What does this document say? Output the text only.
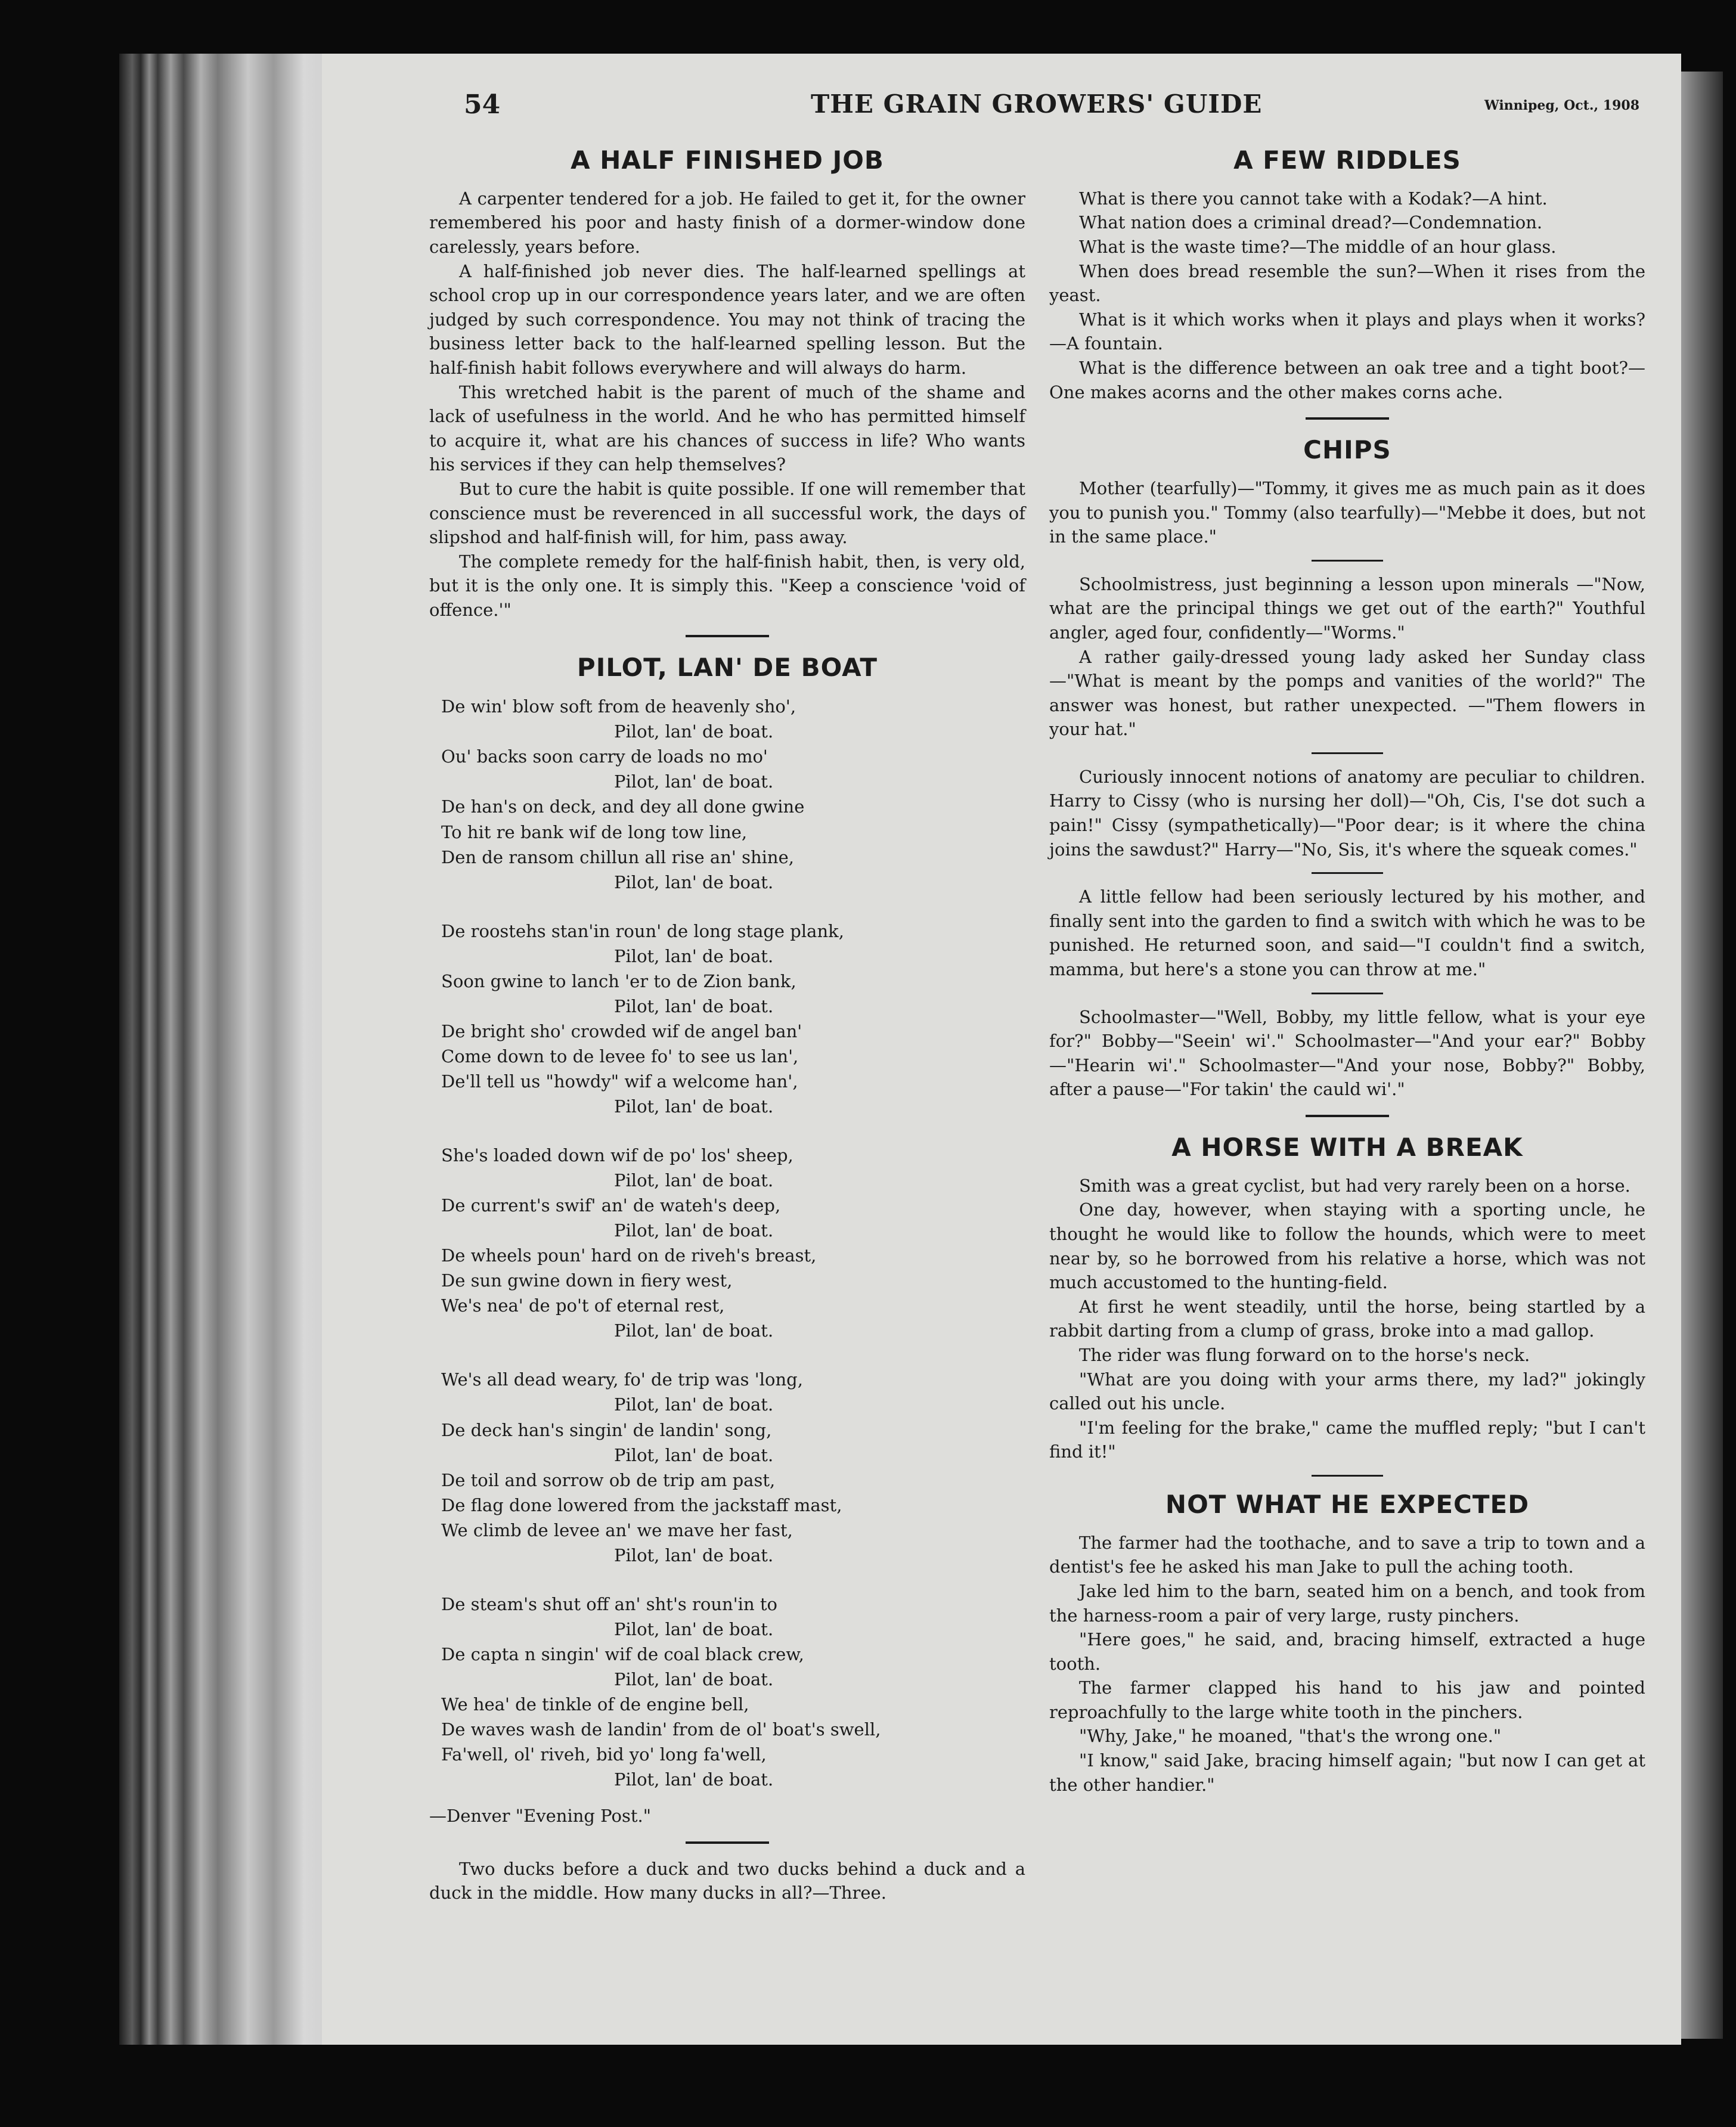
54	THE GRAIN GROWERS' GUIDE	Winnipeg, Oct., 1908
A HALF FINISHED JOB

A carpenter tendered for a job. He failed to get it, for the owner remembered his poor and hasty finish of a dormer-window done carelessly, years before.

A half-finished job never dies. The half-learned spellings at school crop up in our correspondence years later, and we are often judged by such correspondence. You may not think of tracing the business letter back to the half-learned spelling lesson. But the half-finish habit follows everywhere and will always do harm.

This wretched habit is the parent of much of the shame and lack of usefulness in the world. And he who has permitted himself to acquire it, what are his chances of success in life? Who wants his services if they can help themselves?

But to cure the habit is quite possible. If one will remember that conscience must be reverenced in all successful work, the days of slipshod and half-finish will, for him, pass away.

The complete remedy for the half-finish habit, then, is very old, but it is the only one. It is simply this. "Keep a conscience 'void of offence.'"

PILOT, LAN' DE BOAT
De win' blow soft from de heavenly sho',
Pilot, lan' de boat.
Ou' backs soon carry de loads no mo'
Pilot, lan' de boat.
De han's on deck, and dey all done gwine
To hit re bank wif de long tow line,
Den de ransom chillun all rise an' shine,
Pilot, lan' de boat.
De roostehs stan'in roun' de long stage plank,
Pilot, lan' de boat.
Soon gwine to lanch 'er to de Zion bank,
Pilot, lan' de boat.
De bright sho' crowded wif de angel ban'
Come down to de levee fo' to see us lan',
De'll tell us "howdy" wif a welcome han',
Pilot, lan' de boat.
She's loaded down wif de po' los' sheep,
Pilot, lan' de boat.
De current's swif' an' de wateh's deep,
Pilot, lan' de boat.
De wheels poun' hard on de riveh's breast,
De sun gwine down in fiery west,
We's nea' de po't of eternal rest,
Pilot, lan' de boat.
We's all dead weary, fo' de trip was 'long,
Pilot, lan' de boat.
De deck han's singin' de landin' song,
Pilot, lan' de boat.
De toil and sorrow ob de trip am past,
De flag done lowered from the jackstaff mast,
We climb de levee an' we mave her fast,
Pilot, lan' de boat.
De steam's shut off an' sht's roun'in to
Pilot, lan' de boat.
De capta n singin' wif de coal black crew,
Pilot, lan' de boat.
We hea' de tinkle of de engine bell,
De waves wash de landin' from de ol' boat's swell,
Fa'well, ol' riveh, bid yo' long fa'well,
Pilot, lan' de boat.

—Denver "Evening Post."

Two ducks before a duck and two ducks behind a duck and a duck in the middle. How many ducks in all?—Three.

A FEW RIDDLES

What is there you cannot take with a Kodak?—A hint.

What nation does a criminal dread?—Condemnation.

What is the waste time?—The middle of an hour glass.

When does bread resemble the sun?—When it rises from the yeast.

What is it which works when it plays and plays when it works?—A fountain.

What is the difference between an oak tree and a tight boot?—One makes acorns and the other makes corns ache.

CHIPS

Mother (tearfully)—"Tommy, it gives me as much pain as it does you to punish you." Tommy (also tearfully)—"Mebbe it does, but not in the same place."

Schoolmistress, just beginning a lesson upon minerals —"Now, what are the principal things we get out of the earth?" Youthful angler, aged four, confidently—"Worms."

A rather gaily-dressed young lady asked her Sunday class—"What is meant by the pomps and vanities of the world?" The answer was honest, but rather unexpected. —"Them flowers in your hat."

Curiously innocent notions of anatomy are peculiar to children. Harry to Cissy (who is nursing her doll)—"Oh, Cis, I'se dot such a pain!" Cissy (sympathetically)—"Poor dear; is it where the china joins the sawdust?" Harry—"No, Sis, it's where the squeak comes."

A little fellow had been seriously lectured by his mother, and finally sent into the garden to find a switch with which he was to be punished. He returned soon, and said—"I couldn't find a switch, mamma, but here's a stone you can throw at me."

Schoolmaster—"Well, Bobby, my little fellow, what is your eye for?" Bobby—"Seein' wi'." Schoolmaster—"And your ear?" Bobby—"Hearin wi'." Schoolmaster—"And your nose, Bobby?" Bobby, after a pause—"For takin' the cauld wi'."

A HORSE WITH A BREAK

Smith was a great cyclist, but had very rarely been on a horse.

One day, however, when staying with a sporting uncle, he thought he would like to follow the hounds, which were to meet near by, so he borrowed from his relative a horse, which was not much accustomed to the hunting-field.

At first he went steadily, until the horse, being startled by a rabbit darting from a clump of grass, broke into a mad gallop.

The rider was flung forward on to the horse's neck.

"What are you doing with your arms there, my lad?" jokingly called out his uncle.

"I'm feeling for the brake," came the muffled reply; "but I can't find it!"

NOT WHAT HE EXPECTED

The farmer had the toothache, and to save a trip to town and a dentist's fee he asked his man Jake to pull the aching tooth.

Jake led him to the barn, seated him on a bench, and took from the harness-room a pair of very large, rusty pinchers.

"Here goes," he said, and, bracing himself, extracted a huge tooth.

The farmer clapped his hand to his jaw and pointed reproachfully to the large white tooth in the pinchers.

"Why, Jake," he moaned, "that's the wrong one."

"I know," said Jake, bracing himself again; "but now I can get at the other handier."
